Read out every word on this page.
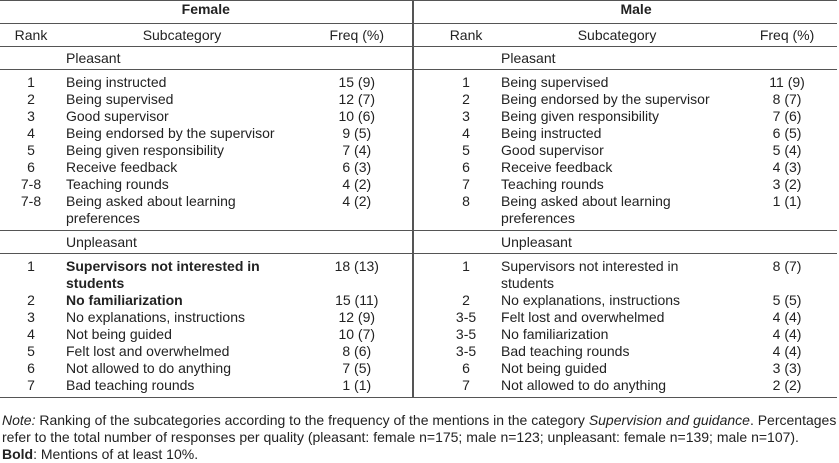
Female				Male		
Rank	Subcategory	Freq (%)			Rank	Subcategory	Freq (%)
	Pleasant					Pleasant	
1	Being instructed	15 (9)			1	Being supervised	11 (9)
2	Being supervised	12 (7)			2	Being endorsed by the supervisor	8 (7)
3	Good supervisor	10 (6)			3	Being given responsibility	7 (6)
4	Being endorsed by the supervisor	9 (5)			4	Being instructed	6 (5)
5	Being given responsibility	7 (4)			5	Good supervisor	5 (4)
6	Receive feedback	6 (3)			6	Receive feedback	4 (3)
7-8	Teaching rounds	4 (2)			7	Teaching rounds	3 (2)
7-8	Being asked about learning preferences	4 (2)			8	Being asked about learning preferences	1 (1)
	Unpleasant					Unpleasant	
1	Supervisors not interested in students	18 (13)			1	Supervisors not interested in students	8 (7)
2	No familiarization	15 (11)			2	No explanations, instructions	5 (5)
3	No explanations, instructions	12 (9)			3-5	Felt lost and overwhelmed	4 (4)
4	Not being guided	10 (7)			3-5	No familiarization	4 (4)
5	Felt lost and overwhelmed	8 (6)			3-5	Bad teaching rounds	4 (4)
6	Not allowed to do anything	7 (5)			6	Not being guided	3 (3)
7	Bad teaching rounds	1 (1)			7	Not allowed to do anything	2 (2)
Note: Ranking of the subcategories according to the frequency of the mentions in the category Supervision and guidance. Percentages refer to the total number of responses per quality (pleasant: female n=175; male n=123; unpleasant: female n=139; male n=107). Bold: Mentions of at least 10%.
